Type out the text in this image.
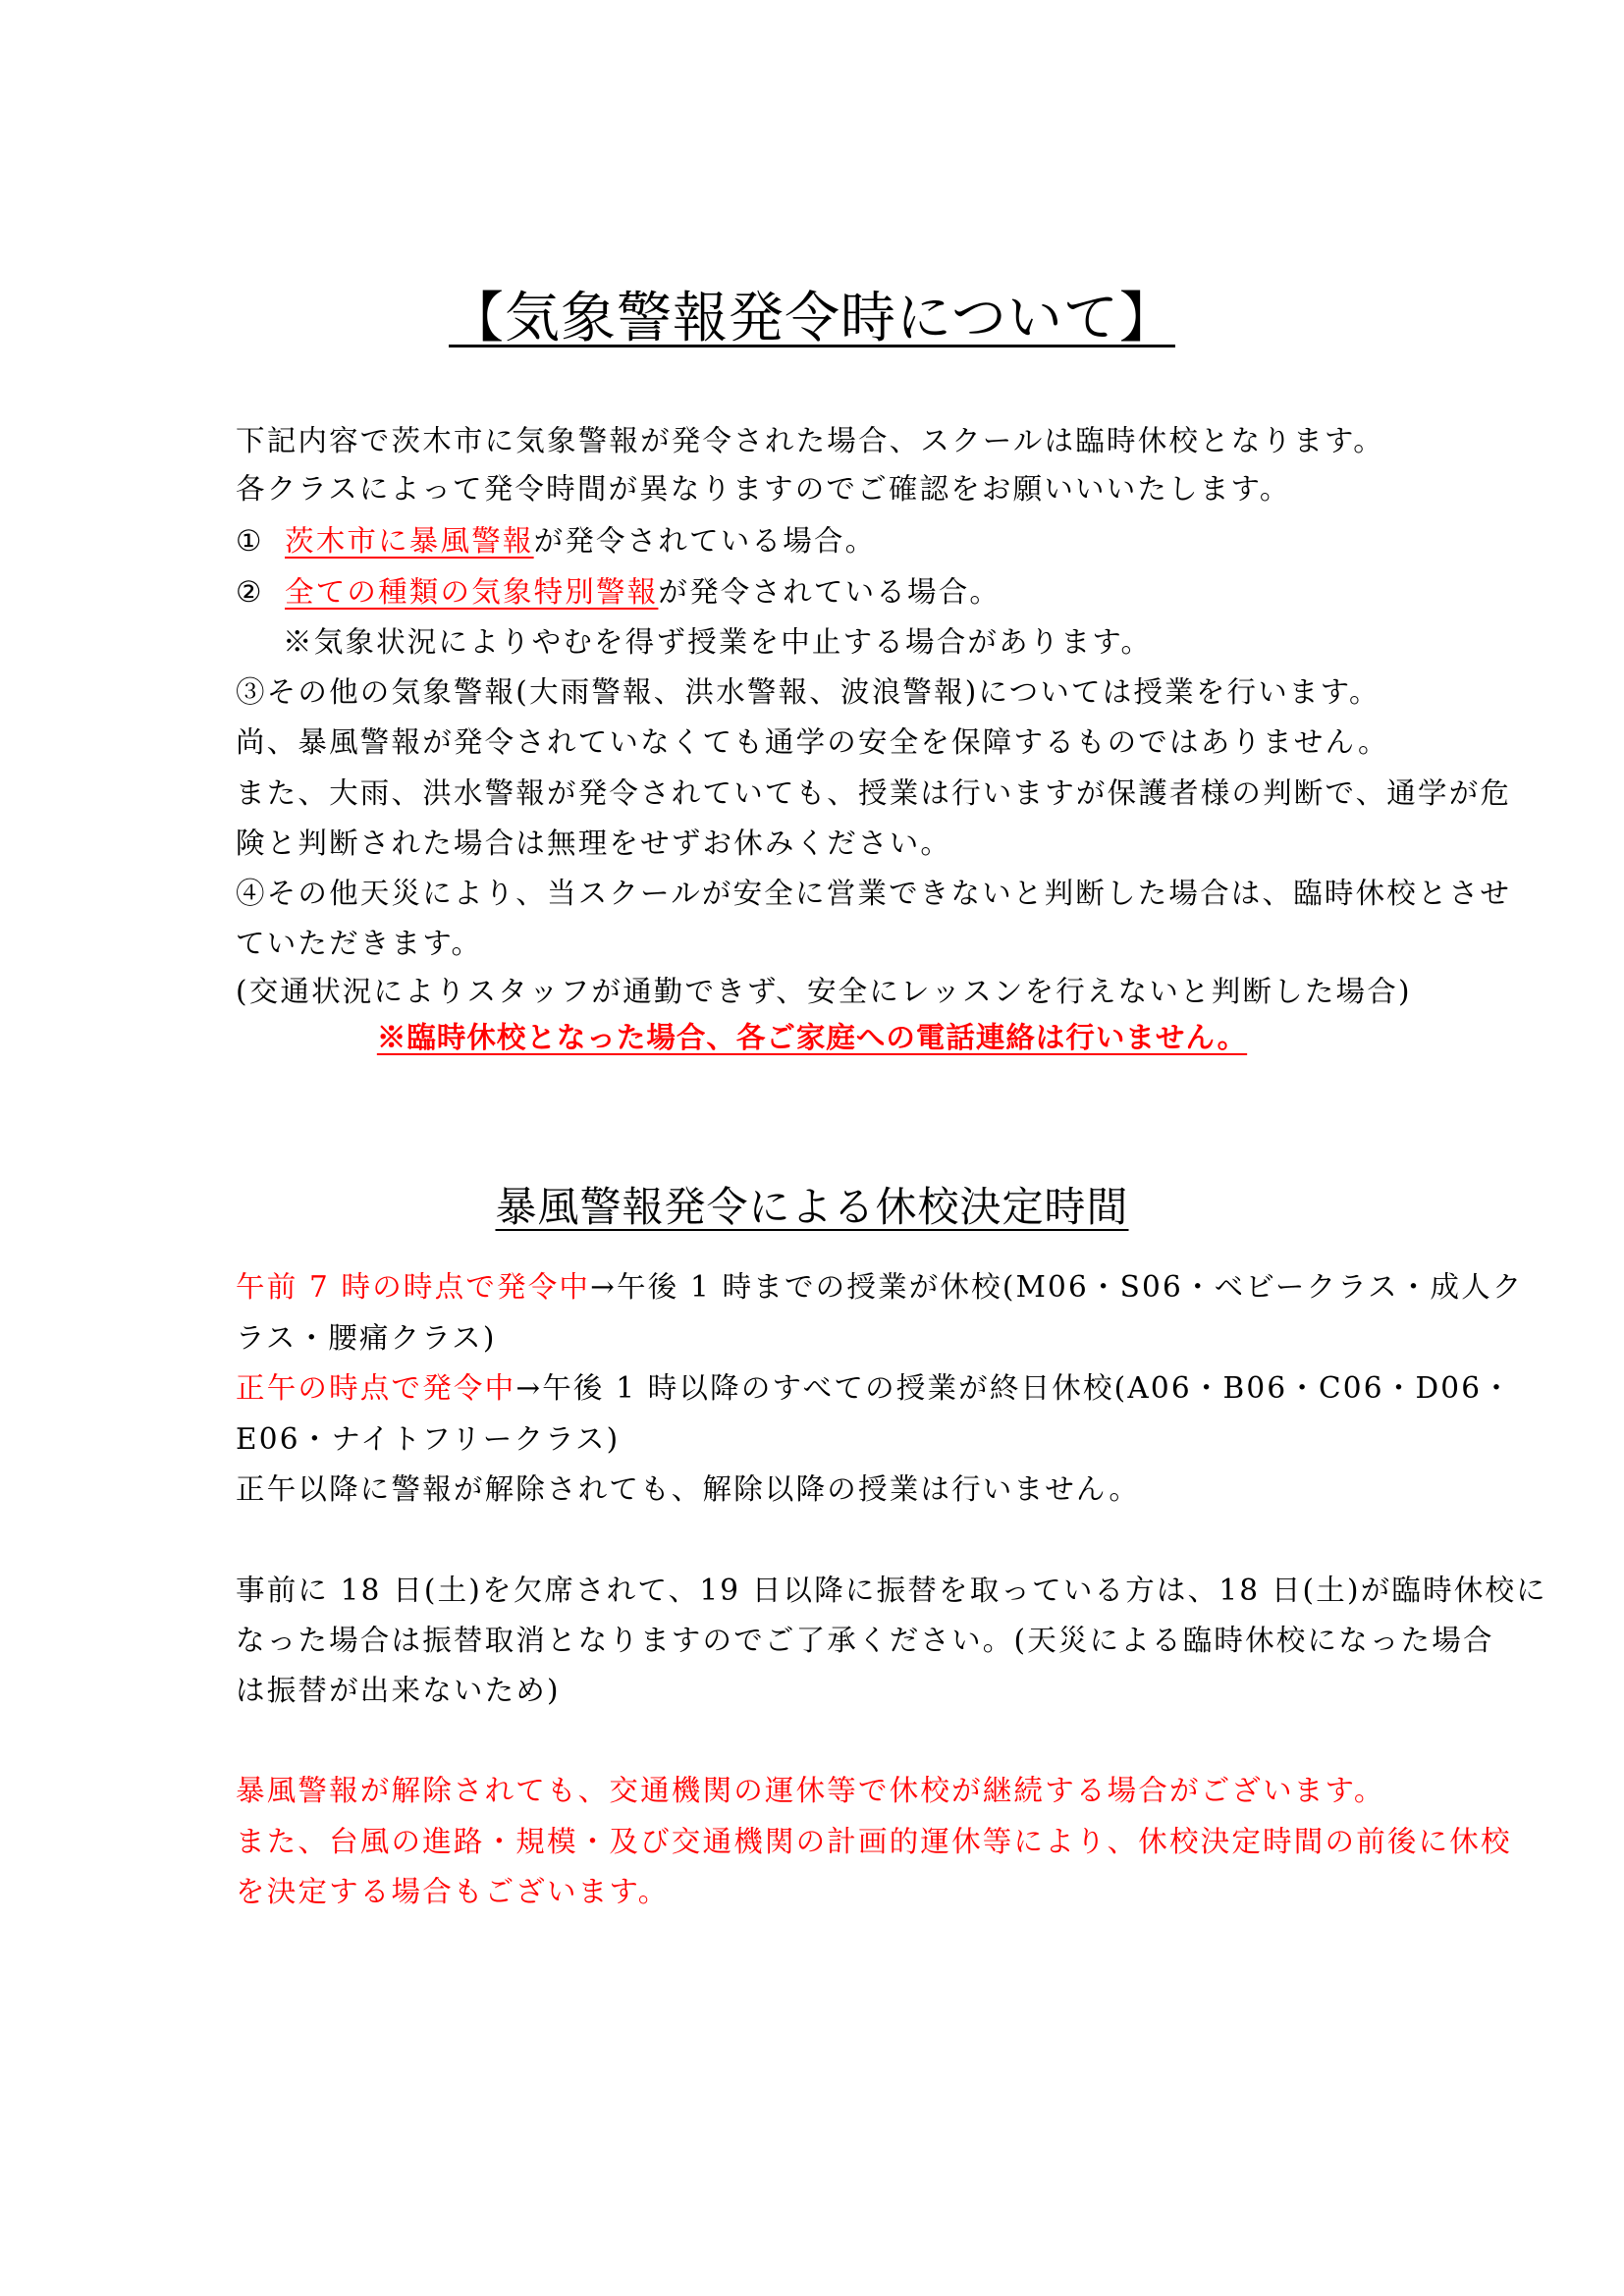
【気象警報発令時について】
下記内容で茨木市に気象警報が発令された場合、スクールは臨時休校となります。
各クラスによって発令時間が異なりますのでご確認をお願いいいたします。
① 茨木市に暴風警報が発令されている場合。
② 全ての種類の気象特別警報が発令されている場合。
※気象状況によりやむを得ず授業を中止する場合があります。
③その他の気象警報(大雨警報、洪水警報、波浪警報)については授業を行います。
尚、暴風警報が発令されていなくても通学の安全を保障するものではありません。
また、大雨、洪水警報が発令されていても、授業は行いますが保護者様の判断で、通学が危
険と判断された場合は無理をせずお休みください。
④その他天災により、当スクールが安全に営業できないと判断した場合は、臨時休校とさせ
ていただきます。
(交通状況によりスタッフが通勤できず、安全にレッスンを行えないと判断した場合)
※臨時休校となった場合、各ご家庭への電話連絡は行いません。
暴風警報発令による休校決定時間
午前 7 時の時点で発令中→午後 1 時までの授業が休校(M06・S06・ベビークラス・成人ク
ラス・腰痛クラス)
正午の時点で発令中→午後 1 時以降のすべての授業が終日休校(A06・B06・C06・D06・
E06・ナイトフリークラス)
正午以降に警報が解除されても、解除以降の授業は行いません。
事前に 18 日(土)を欠席されて、19 日以降に振替を取っている方は、18 日(土)が臨時休校に
なった場合は振替取消となりますのでご了承ください。(天災による臨時休校になった場合
は振替が出来ないため)
暴風警報が解除されても、交通機関の運休等で休校が継続する場合がございます。
また、台風の進路・規模・及び交通機関の計画的運休等により、休校決定時間の前後に休校
を決定する場合もございます。
